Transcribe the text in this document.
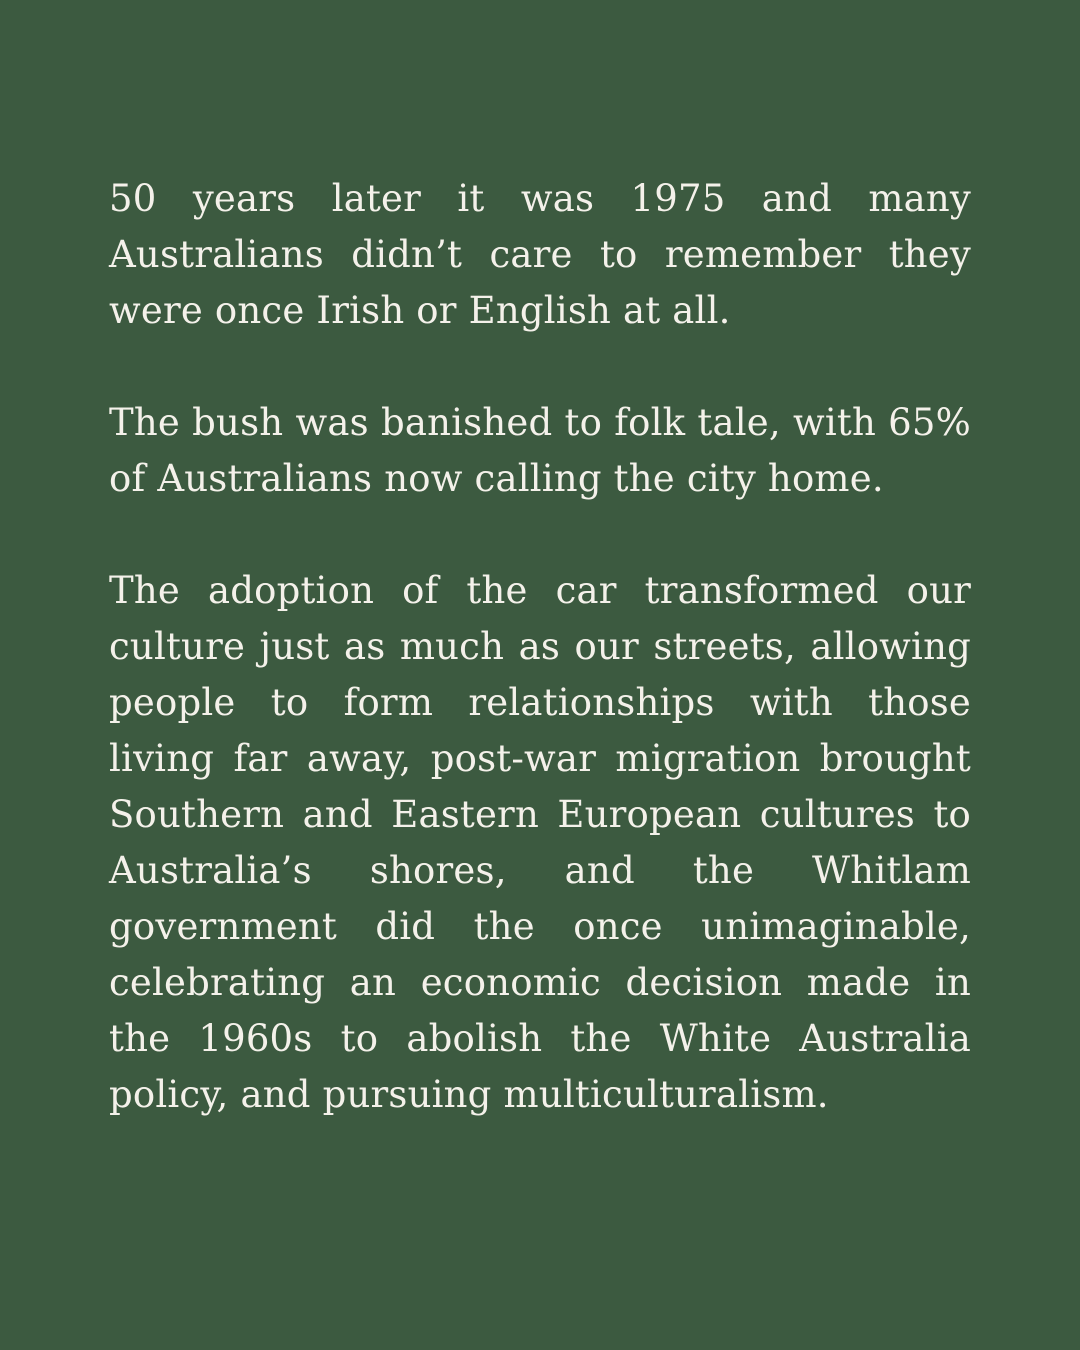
50 years later it was 1975 and many Australians didn’t care to remember they were once Irish or English at all.

The bush was banished to folk tale, with 65% of Australians now calling the city home.

The adoption of the car transformed our culture just as much as our streets, allowing people to form relationships with those living far away, post-war migration brought Southern and Eastern European cultures to Australia’s shores, and the Whitlam government did the once unimaginable, celebrating an economic decision made in the 1960s to abolish the White Australia policy, and pursuing multiculturalism.
